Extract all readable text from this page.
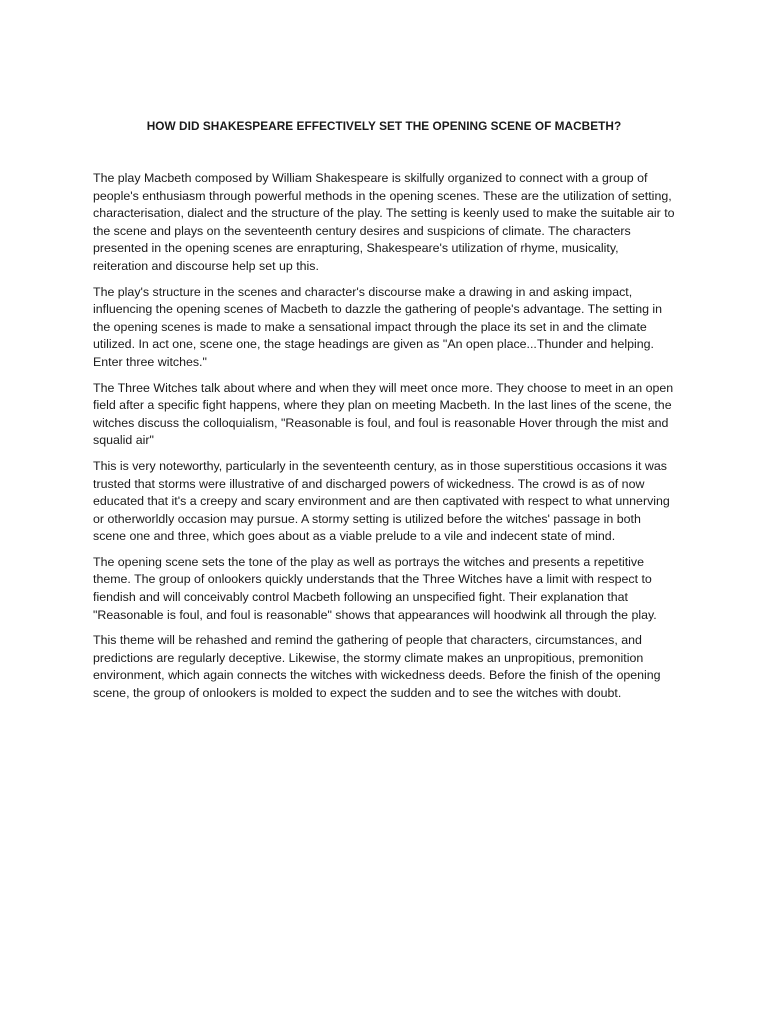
HOW DID SHAKESPEARE EFFECTIVELY SET THE OPENING SCENE OF MACBETH?

The play Macbeth composed by William Shakespeare is skilfully organized to connect with a group of people's enthusiasm through powerful methods in the opening scenes. These are the utilization of setting, characterisation, dialect and the structure of the play. The setting is keenly used to make the suitable air to the scene and plays on the seventeenth century desires and suspicions of climate. The characters presented in the opening scenes are enrapturing, Shakespeare's utilization of rhyme, musicality, reiteration and discourse help set up this.

The play's structure in the scenes and character's discourse make a drawing in and asking impact, influencing the opening scenes of Macbeth to dazzle the gathering of people's advantage. The setting in the opening scenes is made to make a sensational impact through the place its set in and the climate utilized. In act one, scene one, the stage headings are given as "An open place...Thunder and helping. Enter three witches."

The Three Witches talk about where and when they will meet once more. They choose to meet in an open field after a specific fight happens, where they plan on meeting Macbeth. In the last lines of the scene, the witches discuss the colloquialism, "Reasonable is foul, and foul is reasonable Hover through the mist and squalid air"

This is very noteworthy, particularly in the seventeenth century, as in those superstitious occasions it was trusted that storms were illustrative of and discharged powers of wickedness. The crowd is as of now educated that it's a creepy and scary environment and are then captivated with respect to what unnerving or otherworldly occasion may pursue. A stormy setting is utilized before the witches' passage in both scene one and three, which goes about as a viable prelude to a vile and indecent state of mind.

The opening scene sets the tone of the play as well as portrays the witches and presents a repetitive theme. The group of onlookers quickly understands that the Three Witches have a limit with respect to fiendish and will conceivably control Macbeth following an unspecified fight. Their explanation that "Reasonable is foul, and foul is reasonable" shows that appearances will hoodwink all through the play.

This theme will be rehashed and remind the gathering of people that characters, circumstances, and predictions are regularly deceptive. Likewise, the stormy climate makes an unpropitious, premonition environment, which again connects the witches with wickedness deeds. Before the finish of the opening scene, the group of onlookers is molded to expect the sudden and to see the witches with doubt.
